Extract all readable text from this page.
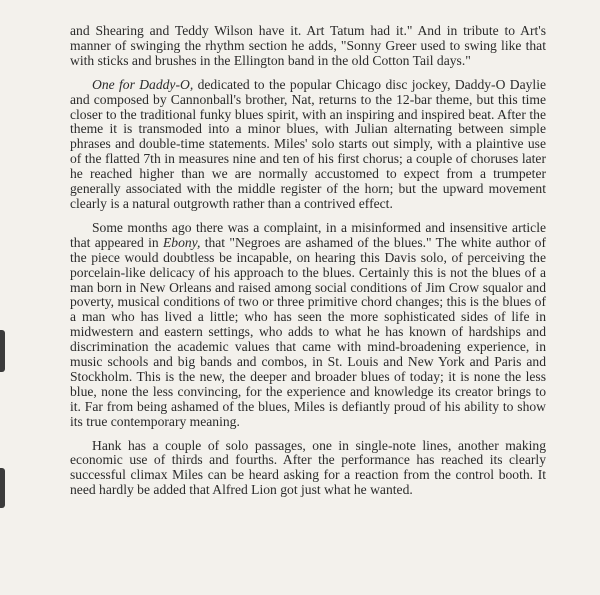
and Shearing and Teddy Wilson have it. Art Tatum had it." And in tribute to Art's manner of swinging the rhythm section he adds, "Sonny Greer used to swing like that with sticks and brushes in the Ellington band in the old Cotton Tail days."

One for Daddy-O, dedicated to the popular Chicago disc jockey, Daddy-O Daylie and composed by Cannonball's brother, Nat, returns to the 12-bar theme, but this time closer to the traditional funky blues spirit, with an inspiring and inspired beat. After the theme it is transmoded into a minor blues, with Julian alternating between simple phrases and double-time statements. Miles' solo starts out simply, with a plaintive use of the flatted 7th in measures nine and ten of his first chorus; a couple of choruses later he reached higher than we are normally accustomed to expect from a trumpeter generally associated with the middle register of the horn; but the upward movement clearly is a natural outgrowth rather than a contrived effect.

Some months ago there was a complaint, in a misinformed and insensitive article that appeared in Ebony, that "Negroes are ashamed of the blues." The white author of the piece would doubtless be incapable, on hearing this Davis solo, of perceiving the porcelain-like delicacy of his approach to the blues. Certainly this is not the blues of a man born in New Orleans and raised among social conditions of Jim Crow squalor and poverty, musical conditions of two or three primitive chord changes; this is the blues of a man who has lived a little; who has seen the more sophisticated sides of life in midwestern and eastern settings, who adds to what he has known of hardships and discrimination the academic values that came with mind-broadening experience, in music schools and big bands and combos, in St. Louis and New York and Paris and Stockholm. This is the new, the deeper and broader blues of today; it is none the less blue, none the less convincing, for the experience and knowledge its creator brings to it. Far from being ashamed of the blues, Miles is defiantly proud of his ability to show its true contemporary meaning.

Hank has a couple of solo passages, one in single-note lines, another making economic use of thirds and fourths. After the performance has reached its clearly successful climax Miles can be heard asking for a reaction from the control booth. It need hardly be added that Alfred Lion got just what he wanted.
